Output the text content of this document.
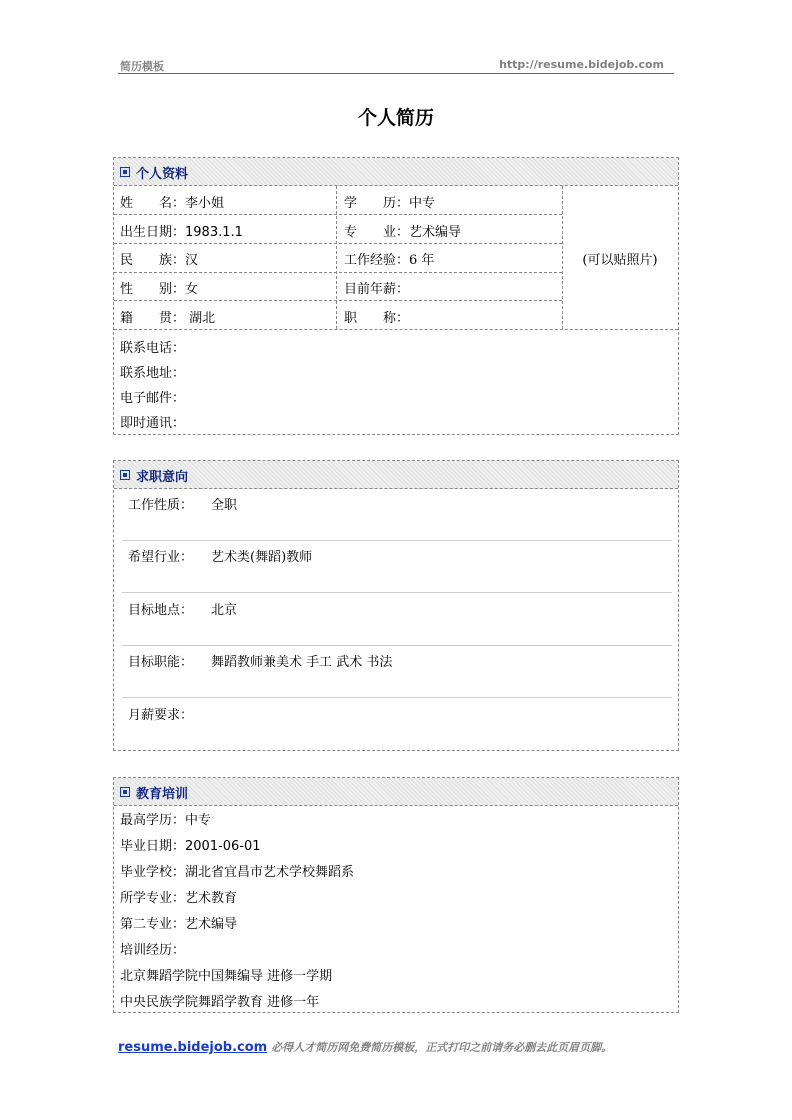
简历模板	http://resume.bidejob.com
个人简历
个人资料
姓　　名：李小姐	学　　历：中专
出生日期：1983.1.1	专　　业：艺术编导
民　　族：汉	工作经验：6 年
性　　别：女	目前年薪：
籍　　贯： 湖北	职　　称：
(可以贴照片)
联系电话：
联系地址：
电子邮件：
即时通讯：
求职意向
工作性质： 全职
希望行业： 艺术类(舞蹈)教师
目标地点： 北京
目标职能： 舞蹈教师兼美术 手工 武术 书法
月薪要求：
教育培训
最高学历：中专
毕业日期：2001-06-01
毕业学校：湖北省宜昌市艺术学校舞蹈系
所学专业：艺术教育
第二专业：艺术编导
培训经历：
北京舞蹈学院中国舞编导 进修一学期
中央民族学院舞蹈学教育 进修一年
resume.bidejob.com 必得人才简历网免费简历模板，正式打印之前请务必删去此页眉页脚。
